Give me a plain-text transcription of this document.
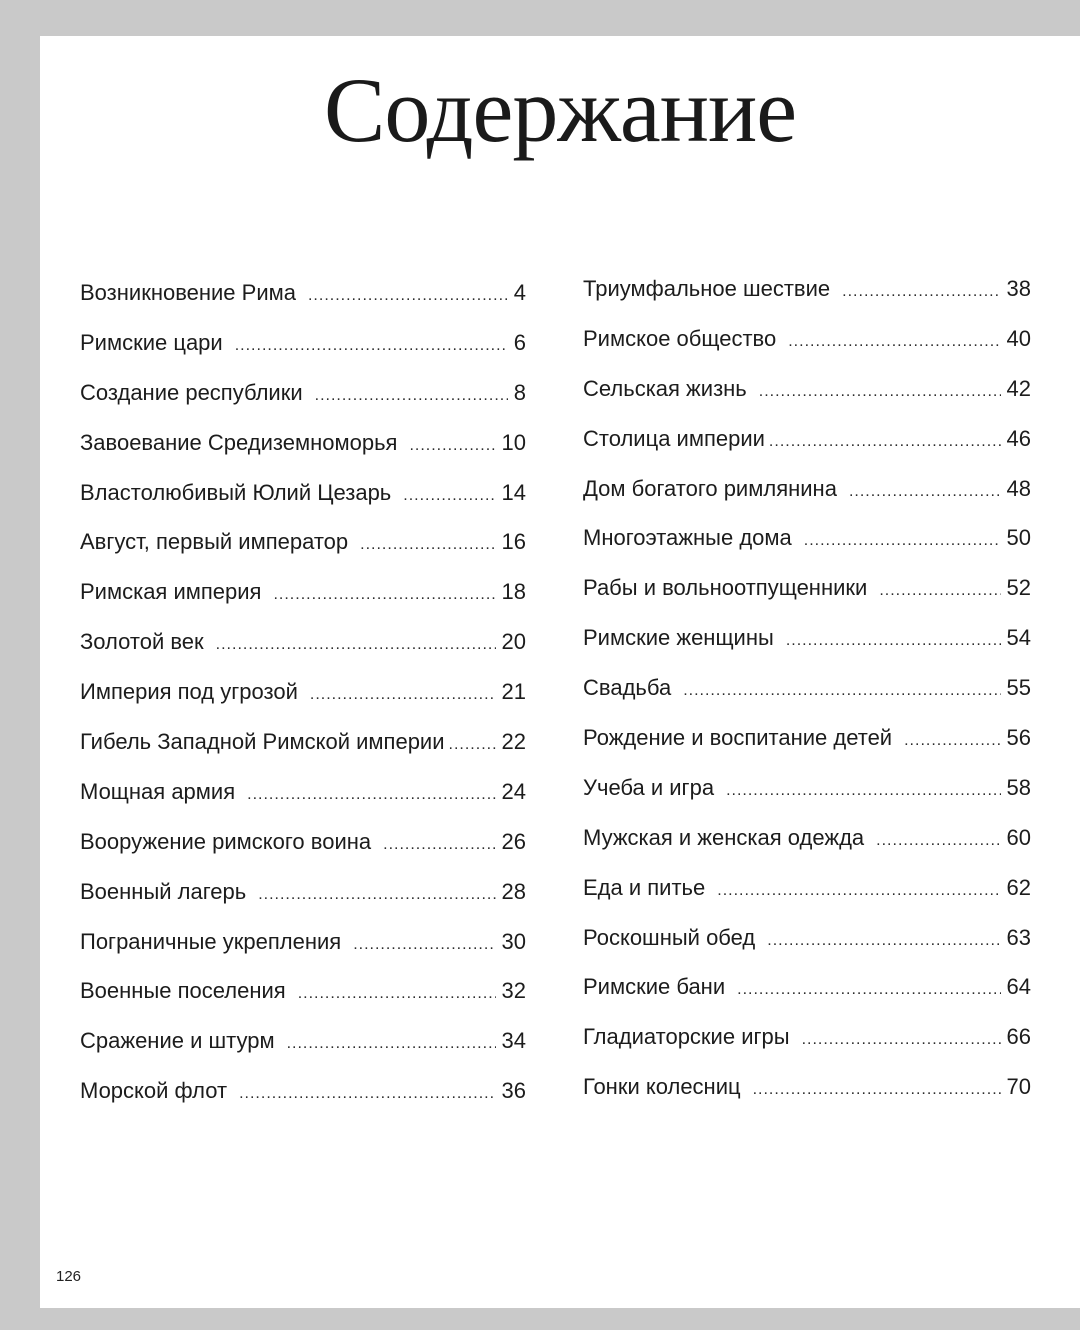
Содержание
Возникновение Рима .....	4
Римские цари .....	6
Создание республики .....	8
Завоевание Средиземноморья .....	10
Властолюбивый Юлий Цезарь .....	14
Август, первый император .....	16
Римская империя .....	18
Золотой век .....	20
Империя под угрозой .....	21
Гибель Западной Римской империи .....	22
Мощная армия .....	24
Вооружение римского воина .....	26
Военный лагерь .....	28
Пограничные укрепления .....	30
Военные поселения .....	32
Сражение и штурм .....	34
Морской флот .....	36
Триумфальное шествие .....	38
Римское общество .....	40
Сельская жизнь .....	42
Столица империи .....	46
Дом богатого римлянина .....	48
Многоэтажные дома .....	50
Рабы и вольноотпущенники .....	52
Римские женщины .....	54
Свадьба .....	55
Рождение и воспитание детей .....	56
Учеба и игра .....	58
Мужская и женская одежда .....	60
Еда и питье .....	62
Роскошный обед .....	63
Римские бани .....	64
Гладиаторские игры .....	66
Гонки колесниц .....	70
126
